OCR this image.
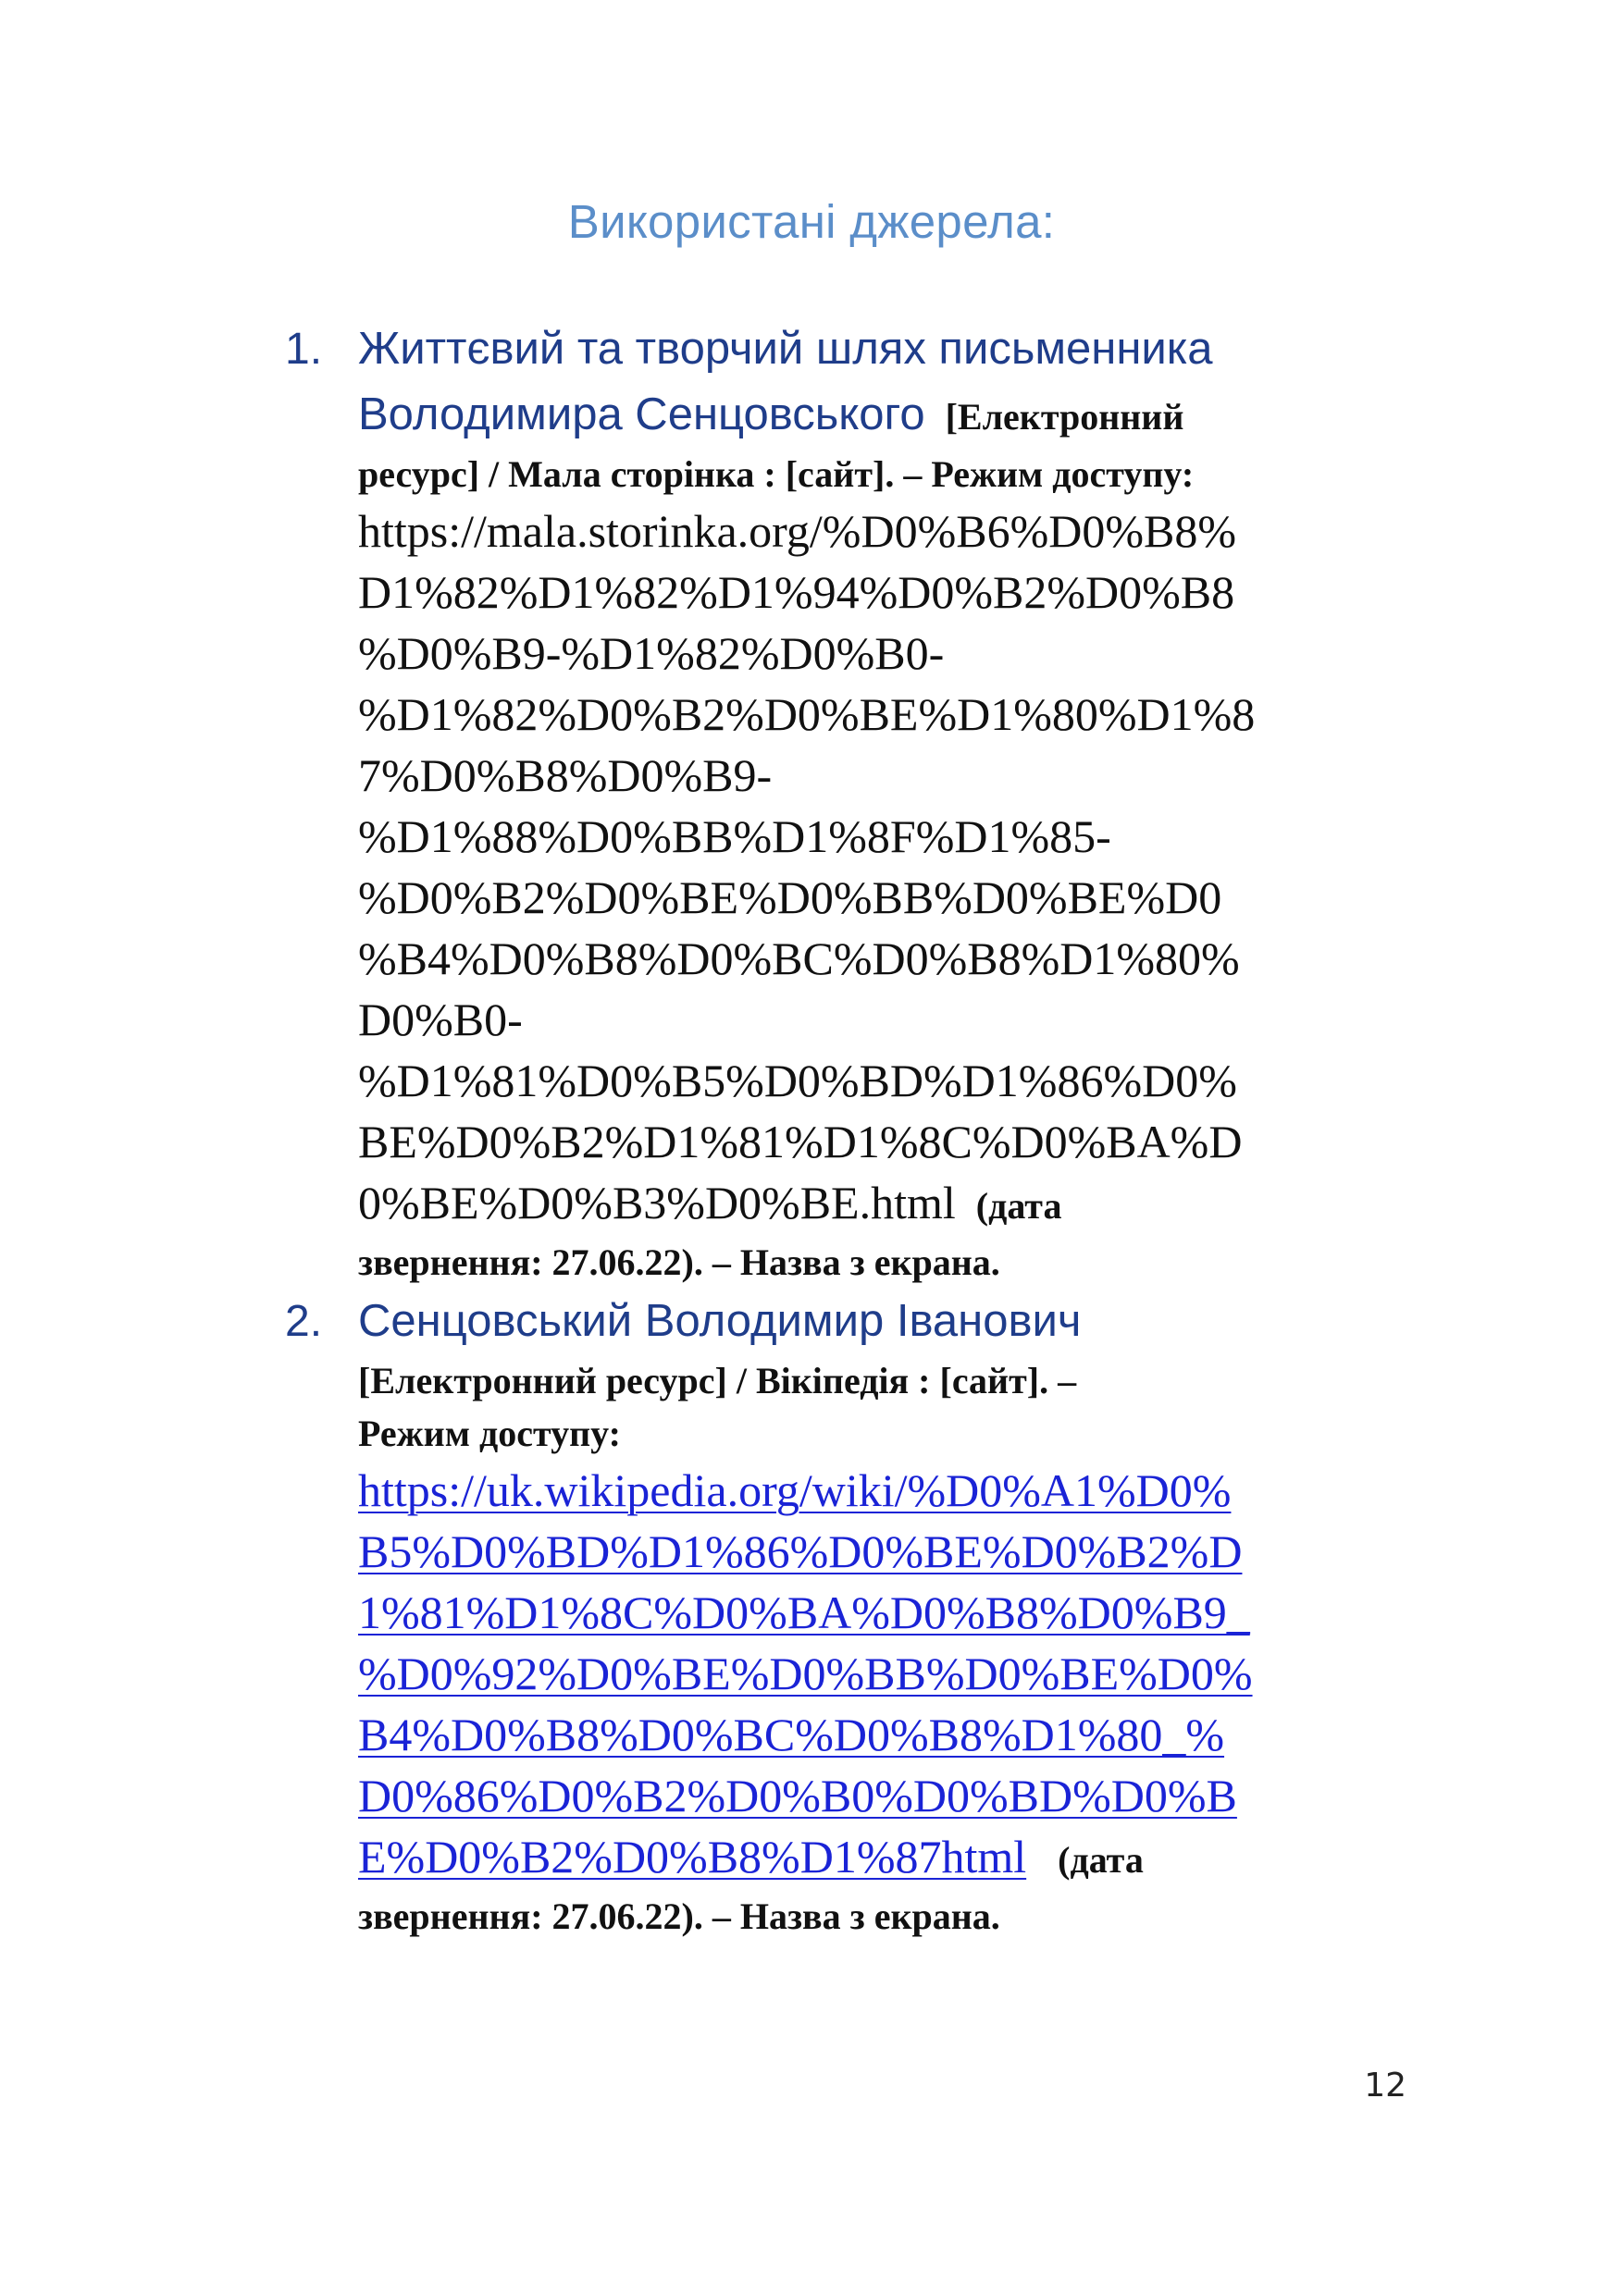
Використані джерела:
1. Життєвий та творчий шлях письменника
Володимира Сенцовського [Електронний
ресурс] / Мала сторінка : [сайт]. – Режим доступу:
https://mala.storinka.org/%D0%B6%D0%B8%
D1%82%D1%82%D1%94%D0%B2%D0%B8
%D0%B9-%D1%82%D0%B0-
%D1%82%D0%B2%D0%BE%D1%80%D1%8
7%D0%B8%D0%B9-
%D1%88%D0%BB%D1%8F%D1%85-
%D0%B2%D0%BE%D0%BB%D0%BE%D0
%B4%D0%B8%D0%BC%D0%B8%D1%80%
D0%B0-
%D1%81%D0%B5%D0%BD%D1%86%D0%
BE%D0%B2%D1%81%D1%8C%D0%BA%D
0%BE%D0%B3%D0%BE.html (дата
звернення: 27.06.22). – Назва з екрана.
2. Сенцовський Володимир Іванович
[Електронний ресурс] / Вікіпедія : [сайт]. –
Режим доступу:
https://uk.wikipedia.org/wiki/%D0%A1%D0%
B5%D0%BD%D1%86%D0%BE%D0%B2%D
1%81%D1%8C%D0%BA%D0%B8%D0%B9_
%D0%92%D0%BE%D0%BB%D0%BE%D0%
B4%D0%B8%D0%BC%D0%B8%D1%80_%
D0%86%D0%B2%D0%B0%D0%BD%D0%B
E%D0%B2%D0%B8%D1%87html (дата
звернення: 27.06.22). – Назва з екрана.
12
